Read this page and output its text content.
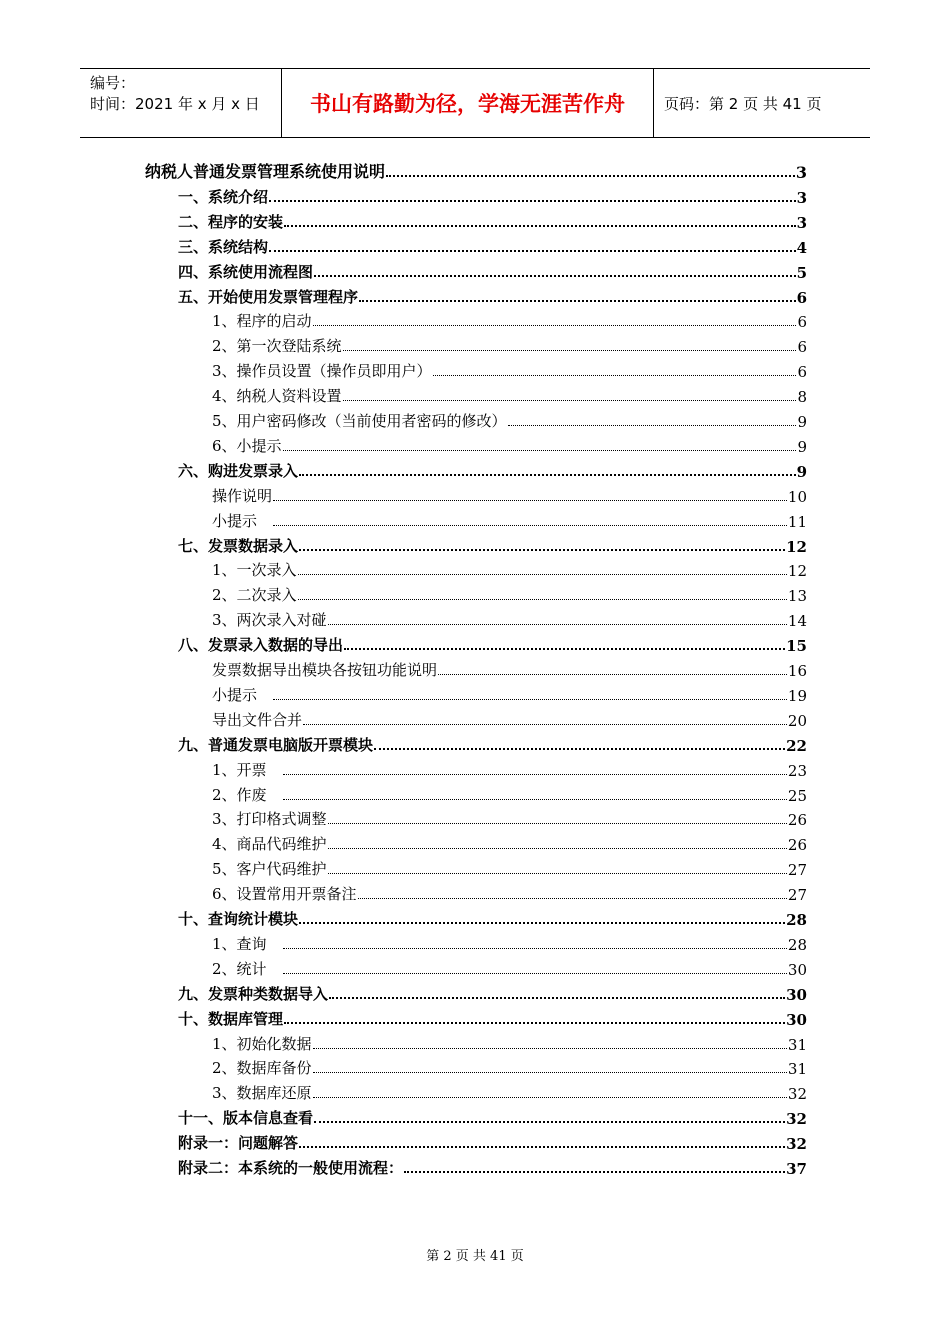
编号：
时间：2021 年 x 月 x 日	书山有路勤为径，学海无涯苦作舟	页码：第 2 页 共 41 页
纳税人普通发票管理系统使用说明	3
一、系统介绍	3
二、程序的安装	3
三、系统结构	4
四、系统使用流程图	5
五、开始使用发票管理程序	6
1、程序的启动	6
2、第一次登陆系统	6
3、操作员设置（操作员即用户）	6
4、纳税人资料设置	8
5、用户密码修改（当前使用者密码的修改）	9
6、小提示	9
六、购进发票录入	9
操作说明	10
小提示　	11
七、发票数据录入	12
1、一次录入	12
2、二次录入	13
3、两次录入对碰	14
八、发票录入数据的导出	15
发票数据导出模块各按钮功能说明	16
小提示　	19
导出文件合并	20
九、普通发票电脑版开票模块	22
1、开票　	23
2、作废　	25
3、打印格式调整	26
4、商品代码维护	26
5、客户代码维护	27
6、设置常用开票备注	27
十、查询统计模块	28
1、查询　	28
2、统计　	30
九、发票种类数据导入	30
十、数据库管理	30
1、初始化数据	31
2、数据库备份	31
3、数据库还原	32
十一、版本信息查看	32
附录一：问题解答	32
附录二：本系统的一般使用流程：	37
第 2 页 共 41 页
